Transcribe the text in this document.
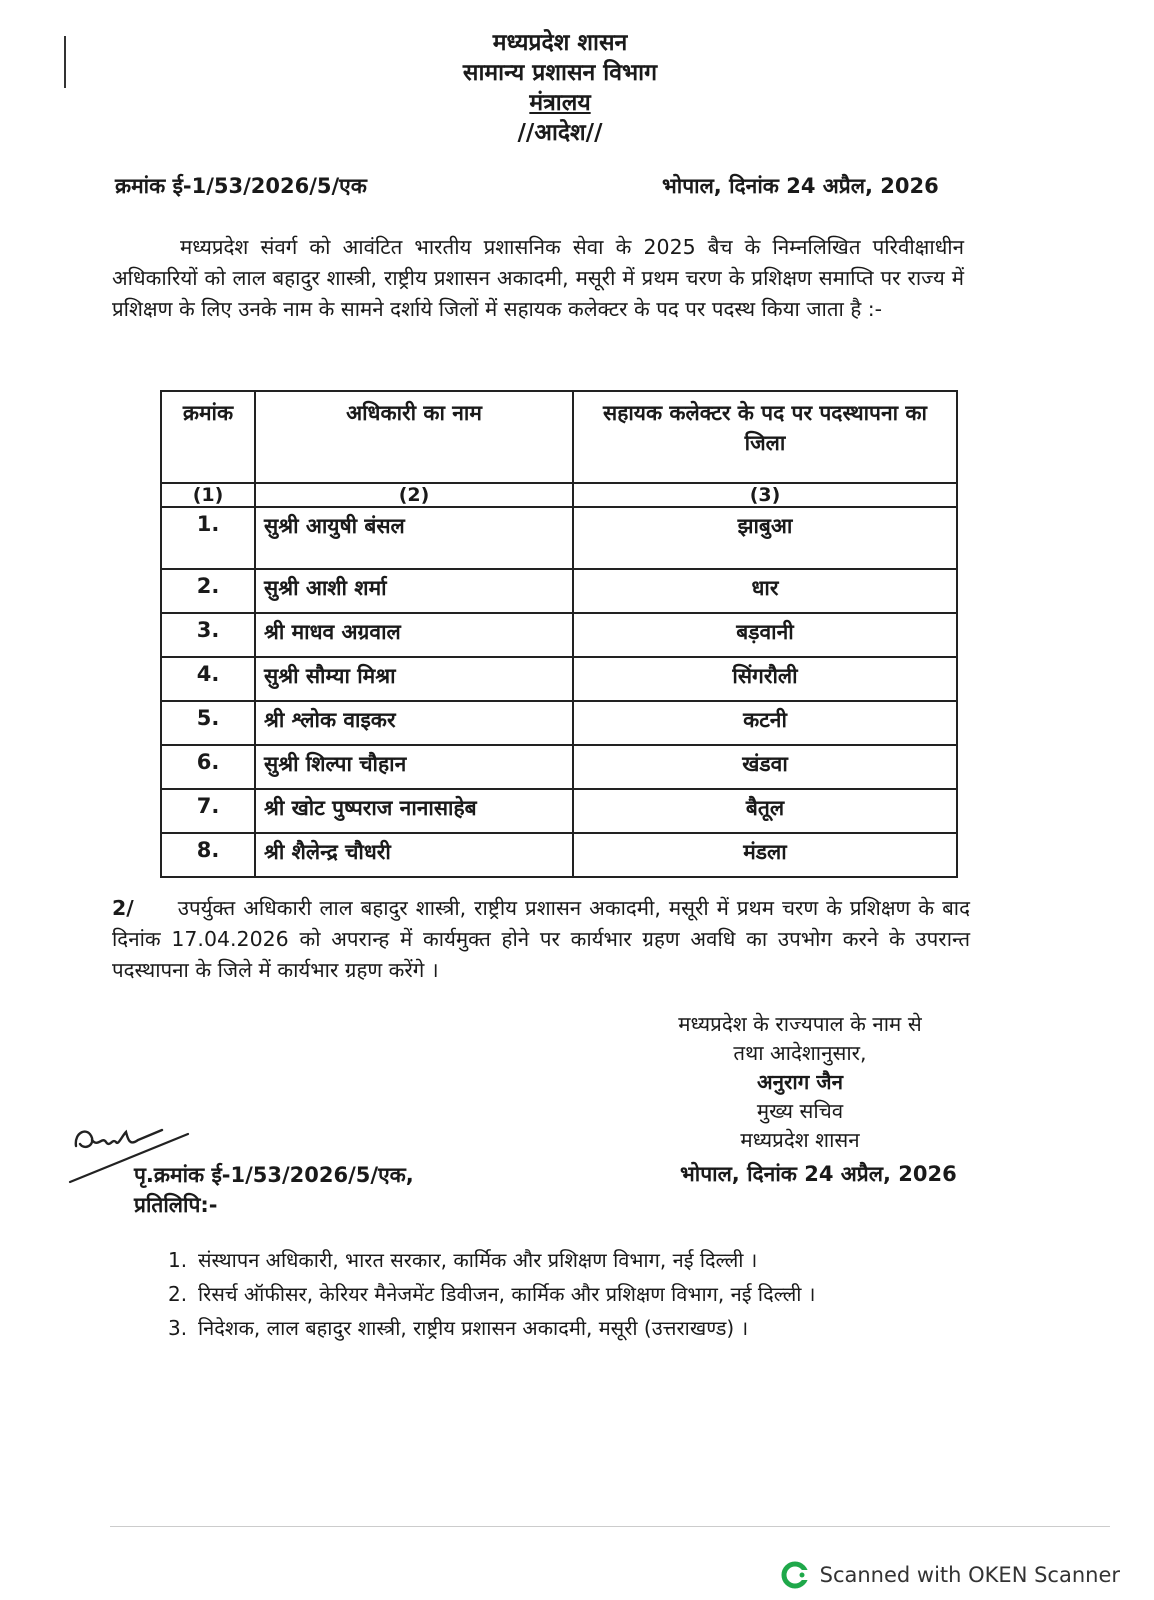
मध्यप्रदेश शासन
सामान्य प्रशासन विभाग
मंत्रालय
//आदेश//
क्रमांक ई-1/53/2026/5/एक	भोपाल, दिनांक 24 अप्रैल, 2026
मध्यप्रदेश संवर्ग को आवंटित भारतीय प्रशासनिक सेवा के 2025 बैच के निम्नलिखित परिवीक्षाधीन अधिकारियों को लाल बहादुर शास्त्री, राष्ट्रीय प्रशासन अकादमी, मसूरी में प्रथम चरण के प्रशिक्षण समाप्ति पर राज्य में प्रशिक्षण के लिए उनके नाम के सामने दर्शाये जिलों में सहायक कलेक्टर के पद पर पदस्थ किया जाता है :-
क्रमांक	अधिकारी का नाम	सहायक कलेक्टर के पद पर पदस्थापना का जिला
(1)	(2)	(3)
1.	सुश्री आयुषी बंसल	झाबुआ
2.	सुश्री आशी शर्मा	धार
3.	श्री माधव अग्रवाल	बड़वानी
4.	सुश्री सौम्या मिश्रा	सिंगरौली
5.	श्री श्लोक वाइकर	कटनी
6.	सुश्री शिल्पा चौहान	खंडवा
7.	श्री खोट पुष्पराज नानासाहेब	बैतूल
8.	श्री शैलेन्द्र चौधरी	मंडला
2/ उपर्युक्त अधिकारी लाल बहादुर शास्त्री, राष्ट्रीय प्रशासन अकादमी, मसूरी में प्रथम चरण के प्रशिक्षण के बाद दिनांक 17.04.2026 को अपरान्ह में कार्यमुक्त होने पर कार्यभार ग्रहण अवधि का उपभोग करने के उपरान्त पदस्थापना के जिले में कार्यभार ग्रहण करेंगे ।
मध्यप्रदेश के राज्यपाल के नाम से
तथा आदेशानुसार,
अनुराग जैन
मुख्य सचिव
मध्यप्रदेश शासन
पृ.क्रमांक ई-1/53/2026/5/एक,
प्रतिलिपि:-
भोपाल, दिनांक 24 अप्रैल, 2026
1. संस्थापन अधिकारी, भारत सरकार, कार्मिक और प्रशिक्षण विभाग, नई दिल्ली ।
2. रिसर्च ऑफीसर, केरियर मैनेजमेंट डिवीजन, कार्मिक और प्रशिक्षण विभाग, नई दिल्ली ।
3. निदेशक, लाल बहादुर शास्त्री, राष्ट्रीय प्रशासन अकादमी, मसूरी (उत्तराखण्ड) ।
Scanned with OKEN Scanner
